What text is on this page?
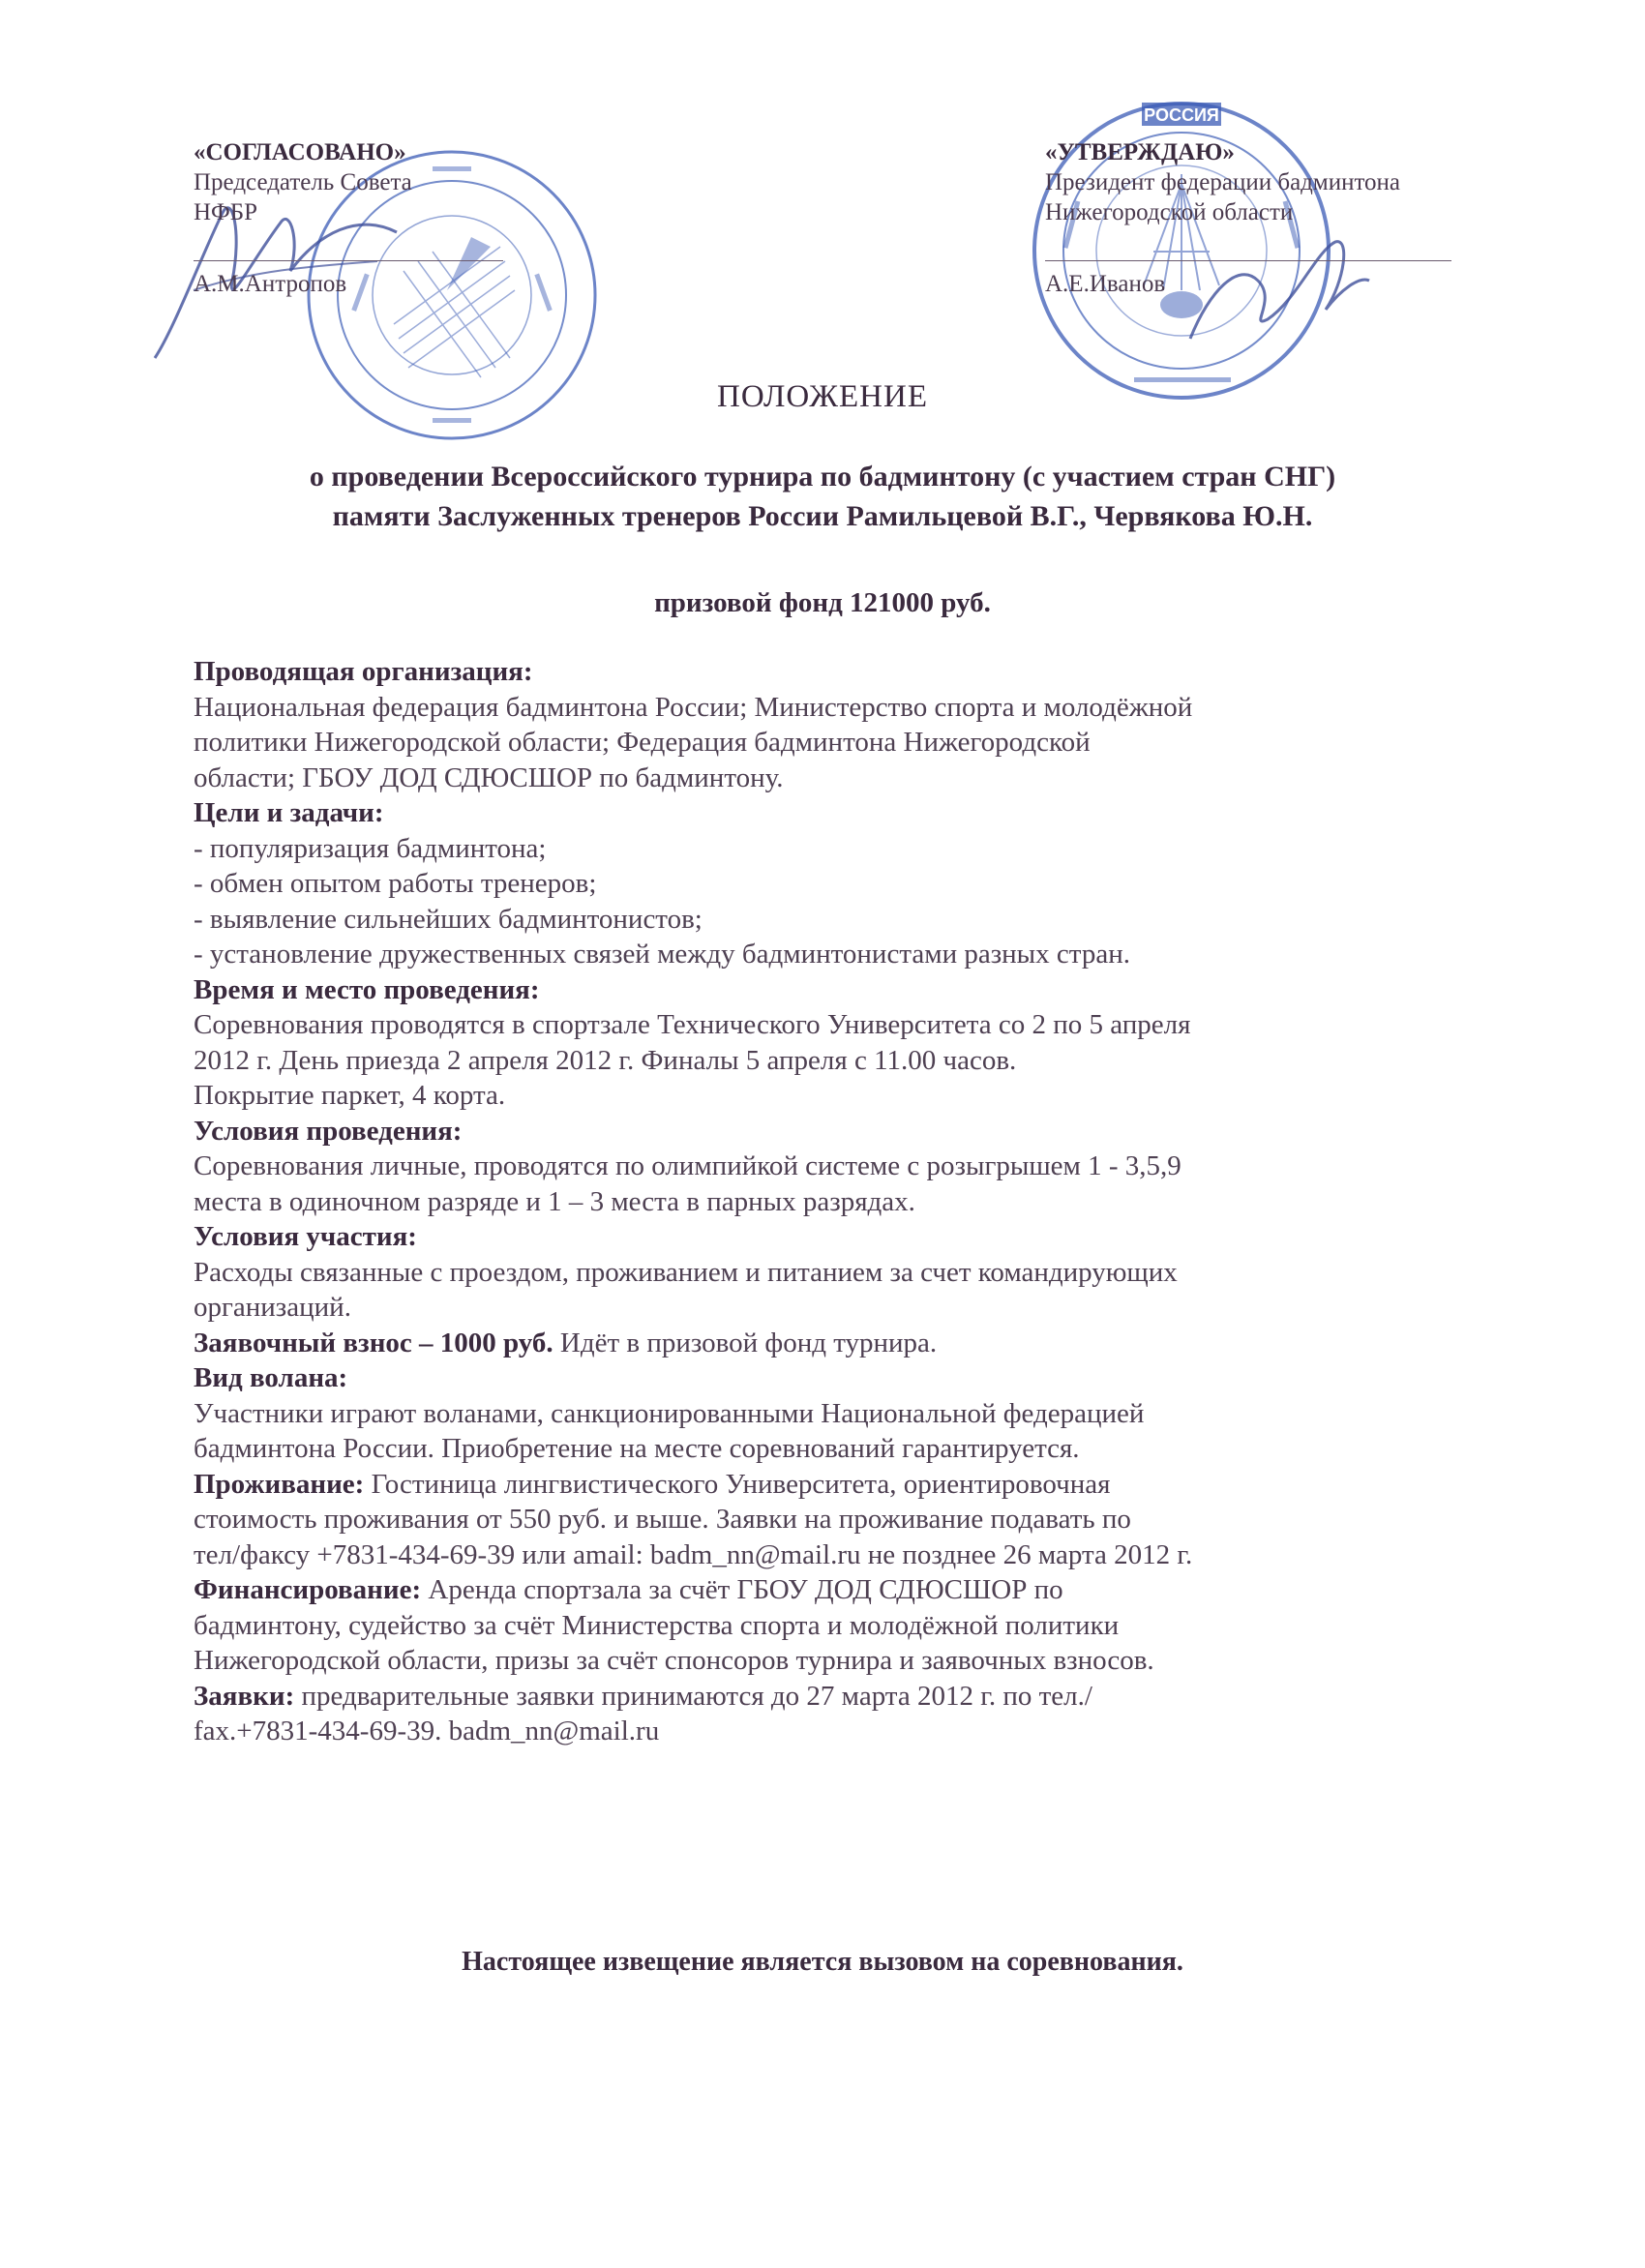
РОССИЯ
«СОГЛАСОВАНО»
Председатель Совета
НФБР
А.М.Антропов
«УТВЕРЖДАЮ»
Президент федерации бадминтона
Нижегородской области
А.Е.Иванов
ПОЛОЖЕНИЕ
о проведении Всероссийского турнира по бадминтону (с участием стран СНГ)
памяти Заслуженных тренеров России Рамильцевой В.Г., Червякова Ю.Н.
призовой фонд 121000 руб.

Проводящая организация:

Национальная федерация бадминтона России; Министерство спорта и молодёжной

политики Нижегородской области; Федерация бадминтона Нижегородской

области; ГБОУ ДОД СДЮСШОР по бадминтону.

Цели и задачи:

- популяризация бадминтона;

- обмен опытом работы тренеров;

- выявление сильнейших бадминтонистов;

- установление дружественных связей между бадминтонистами разных стран.

Время и место проведения:

Соревнования проводятся в спортзале Технического Университета со 2 по 5 апреля

2012 г. День приезда 2 апреля 2012 г. Финалы 5 апреля с 11.00 часов.

Покрытие паркет, 4 корта.

Условия проведения:

Соревнования личные, проводятся по олимпийкой системе с розыгрышем 1 - 3,5,9

места в одиночном разряде и 1 – 3 места в парных разрядах.

Условия участия:

Расходы связанные с проездом, проживанием и питанием за счет командирующих

организаций.

Заявочный взнос – 1000 руб. Идёт в призовой фонд турнира.

Вид волана:

Участники играют воланами, санкционированными Национальной федерацией

бадминтона России. Приобретение на месте соревнований гарантируется.

Проживание: Гостиница лингвистического Университета, ориентировочная

стоимость проживания от 550 руб. и выше. Заявки на проживание подавать по

тел/факсу +7831-434-69-39 или amail: badm_nn@mail.ru не позднее 26 марта 2012 г.

Финансирование: Аренда спортзала за счёт ГБОУ ДОД СДЮСШОР по

бадминтону, судейство за счёт Министерства спорта и молодёжной политики

Нижегородской области, призы за счёт спонсоров турнира и заявочных взносов.

Заявки: предварительные заявки принимаются до 27 марта 2012 г. по тел./

fax.+7831-434-69-39. badm_nn@mail.ru

Настоящее извещение является вызовом на соревнования.
